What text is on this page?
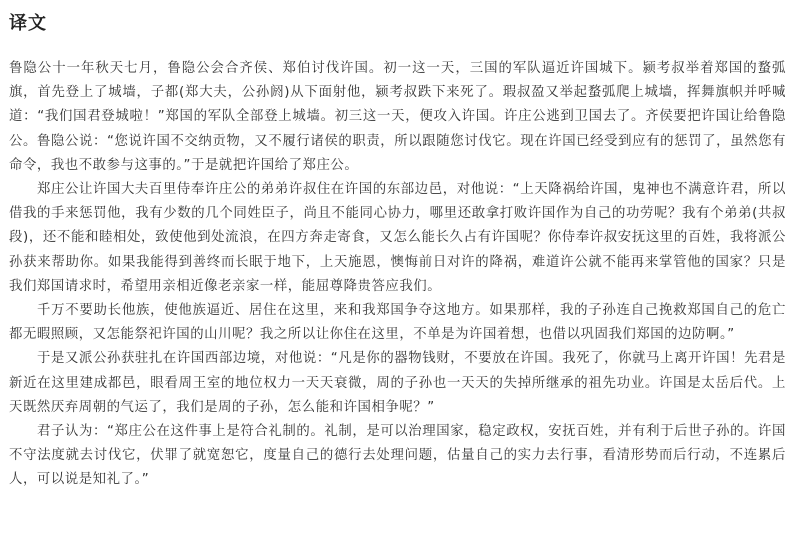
译文

鲁隐公十一年秋天七月，鲁隐公会合齐侯、郑伯讨伐许国。初一这一天，三国的军队逼近许国城下。颍考叔举着郑国的蝥弧旗，首先登上了城墙，子都(郑大夫，公孙阏)从下面射他，颍考叔跌下来死了。瑕叔盈又举起蝥弧爬上城墙，挥舞旗帜并呼喊道：“我们国君登城啦！”郑国的军队全部登上城墙。初三这一天，便攻入许国。许庄公逃到卫国去了。齐侯要把许国让给鲁隐公。鲁隐公说：“您说许国不交纳贡物，又不履行诸侯的职责，所以跟随您讨伐它。现在许国已经受到应有的惩罚了，虽然您有命令，我也不敢参与这事的。”于是就把许国给了郑庄公。

郑庄公让许国大夫百里侍奉许庄公的弟弟许叔住在许国的东部边邑，对他说：“上天降祸给许国，鬼神也不满意许君，所以借我的手来惩罚他，我有少数的几个同姓臣子，尚且不能同心协力，哪里还敢拿打败许国作为自己的功劳呢？我有个弟弟(共叔段)，还不能和睦相处，致使他到处流浪，在四方奔走寄食，又怎么能长久占有许国呢？你侍奉许叔安抚这里的百姓，我将派公孙获来帮助你。如果我能得到善终而长眠于地下，上天施恩，懊悔前日对许的降祸，难道许公就不能再来掌管他的国家？只是我们郑国请求时，希望用亲相近像老亲家一样，能屈尊降贵答应我们。

千万不要助长他族，使他族逼近、居住在这里，来和我郑国争夺这地方。如果那样，我的子孙连自己挽救郑国自己的危亡都无暇照顾，又怎能祭祀许国的山川呢？我之所以让你住在这里，不单是为许国着想，也借以巩固我们郑国的边防啊。”

于是又派公孙获驻扎在许国西部边境，对他说：“凡是你的器物钱财，不要放在许国。我死了，你就马上离开许国！先君是新近在这里建成都邑，眼看周王室的地位权力一天天衰微，周的子孙也一天天的失掉所继承的祖先功业。许国是太岳后代。上天既然厌弃周朝的气运了，我们是周的子孙，怎么能和许国相争呢？”

君子认为：“郑庄公在这件事上是符合礼制的。礼制，是可以治理国家，稳定政权，安抚百姓，并有利于后世子孙的。许国不守法度就去讨伐它，伏罪了就宽恕它，度量自己的德行去处理问题，估量自己的实力去行事，看清形势而后行动，不连累后人，可以说是知礼了。”
